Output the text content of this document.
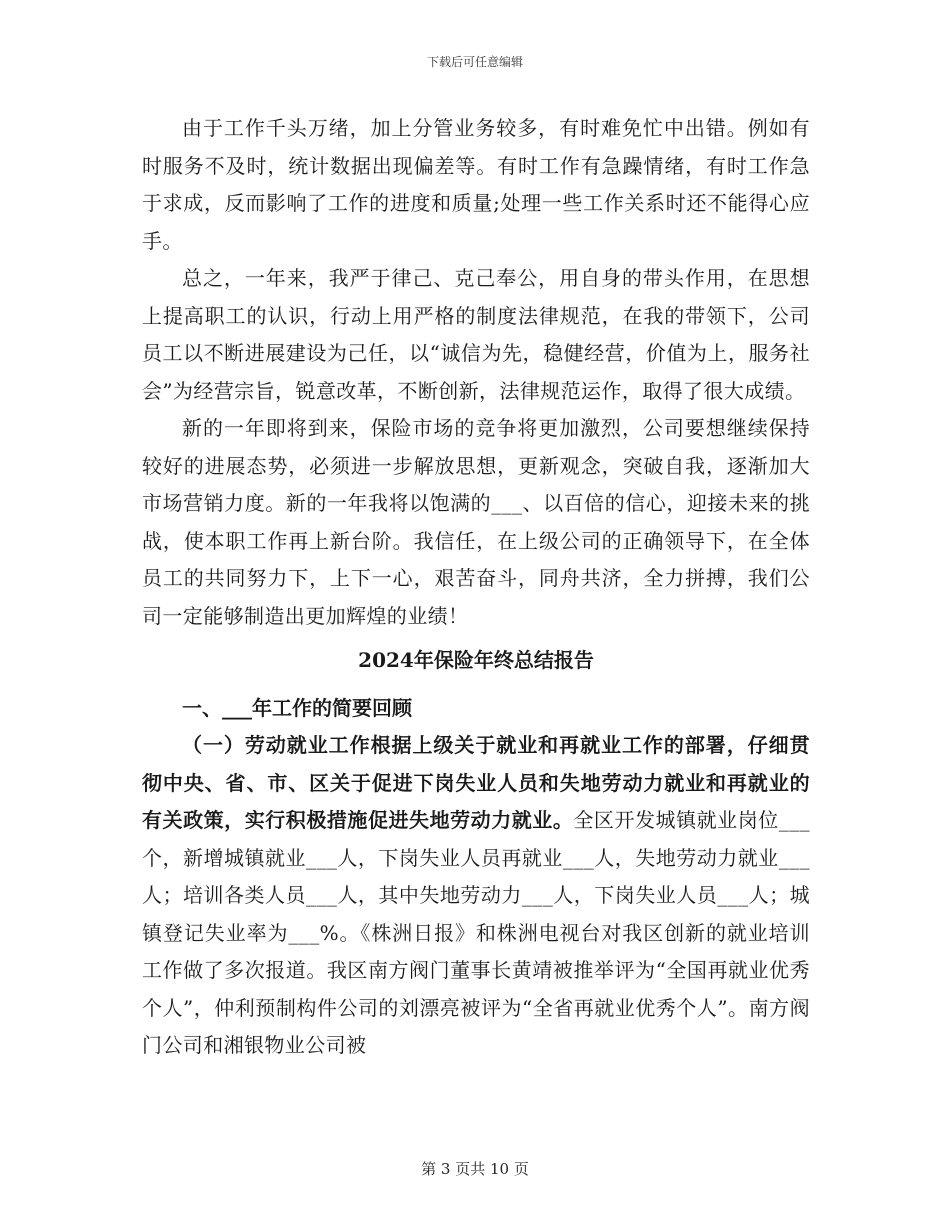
下载后可任意编辑

由于工作千头万绪，加上分管业务较多，有时难免忙中出错。例如有时服务不及时，统计数据出现偏差等。有时工作有急躁情绪，有时工作急于求成，反而影响了工作的进度和质量;处理一些工作关系时还不能得心应手。

总之，一年来，我严于律己、克己奉公，用自身的带头作用，在思想上提高职工的认识，行动上用严格的制度法律规范，在我的带领下，公司员工以不断进展建设为己任，以“诚信为先，稳健经营，价值为上，服务社会”为经营宗旨，锐意改革，不断创新，法律规范运作，取得了很大成绩。

新的一年即将到来，保险市场的竞争将更加激烈，公司要想继续保持较好的进展态势，必须进一步解放思想，更新观念，突破自我，逐渐加大市场营销力度。新的一年我将以饱满的___、以百倍的信心，迎接未来的挑战，使本职工作再上新台阶。我信任，在上级公司的正确领导下，在全体员工的共同努力下，上下一心，艰苦奋斗，同舟共济，全力拼搏，我们公司一定能够制造出更加辉煌的业绩！

2024年保险年终总结报告

一、___年工作的简要回顾

（一）劳动就业工作根据上级关于就业和再就业工作的部署，仔细贯彻中央、省、市、区关于促进下岗失业人员和失地劳动力就业和再就业的有关政策，实行积极措施促进失地劳动力就业。全区开发城镇就业岗位___个，新增城镇就业___人，下岗失业人员再就业___人，失地劳动力就业___人；培训各类人员___人，其中失地劳动力___人，下岗失业人员___人；城镇登记失业率为___%。《株洲日报》和株洲电视台对我区创新的就业培训工作做了多次报道。我区南方阀门董事长黄靖被推举评为“全国再就业优秀个人”，仲利预制构件公司的刘漂亮被评为“全省再就业优秀个人”。南方阀门公司和湘银物业公司被

第 3 页共 10 页
